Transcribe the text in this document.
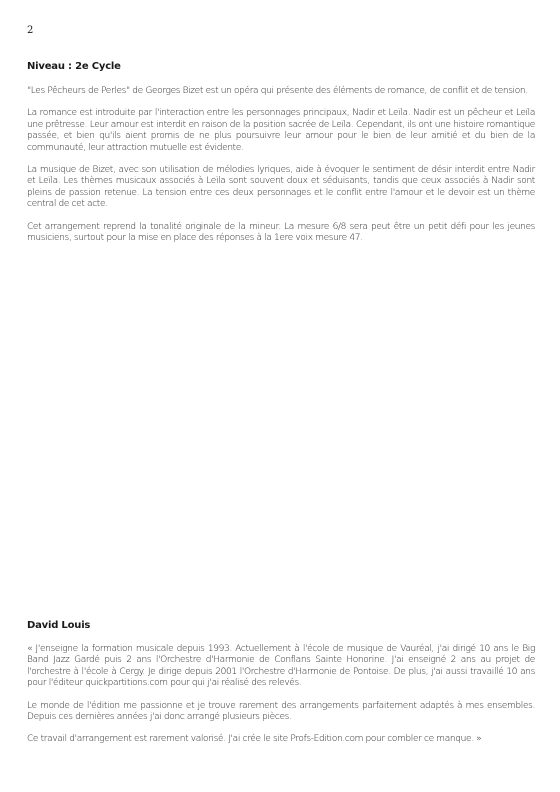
2
Niveau : 2e Cycle

"Les Pêcheurs de Perles" de Georges Bizet est un opéra qui présente des éléments de romance, de conflit et de tension.

La romance est introduite par l'interaction entre les personnages principaux, Nadir et Leïla. Nadir est un pêcheur et Leïla une prêtresse. Leur amour est interdit en raison de la position sacrée de Leïla. Cependant, ils ont une histoire romantique passée, et bien qu'ils aient promis de ne plus poursuivre leur amour pour le bien de leur amitié et du bien de la communauté, leur attraction mutuelle est évidente.

La musique de Bizet, avec son utilisation de mélodies lyriques, aide à évoquer le sentiment de désir interdit entre Nadir et Leïla. Les thèmes musicaux associés à Leïla sont souvent doux et séduisants, tandis que ceux associés à Nadir sont pleins de passion retenue. La tension entre ces deux personnages et le conflit entre l'amour et le devoir est un thème central de cet acte.

Cet arrangement reprend la tonalité originale de la mineur. La mesure 6/8 sera peut être un petit défi pour les jeunes musiciens, surtout pour la mise en place des réponses à la 1ere voix mesure 47.

David Louis

« J'enseigne la formation musicale depuis 1993. Actuellement à l'école de musique de Vauréal, j'ai dirigé 10 ans le Big Band Jazz Gardé puis 2 ans l'Orchestre d'Harmonie de Conflans Sainte Honorine. J'ai enseigné 2 ans au projet de l'orchestre à l'école à Cergy. Je dirige depuis 2001 l'Orchestre d'Harmonie de Pontoise. De plus, j'ai aussi travaillé 10 ans pour l'éditeur quickpartitions.com pour qui j'ai réalisé des relevés.

Le monde de l'édition me passionne et je trouve rarement des arrangements parfaitement adaptés à mes ensembles. Depuis ces dernières années j'ai donc arrangé plusieurs pièces.

Ce travail d'arrangement est rarement valorisé. J'ai crée le site Profs-Edition.com pour combler ce manque. »
